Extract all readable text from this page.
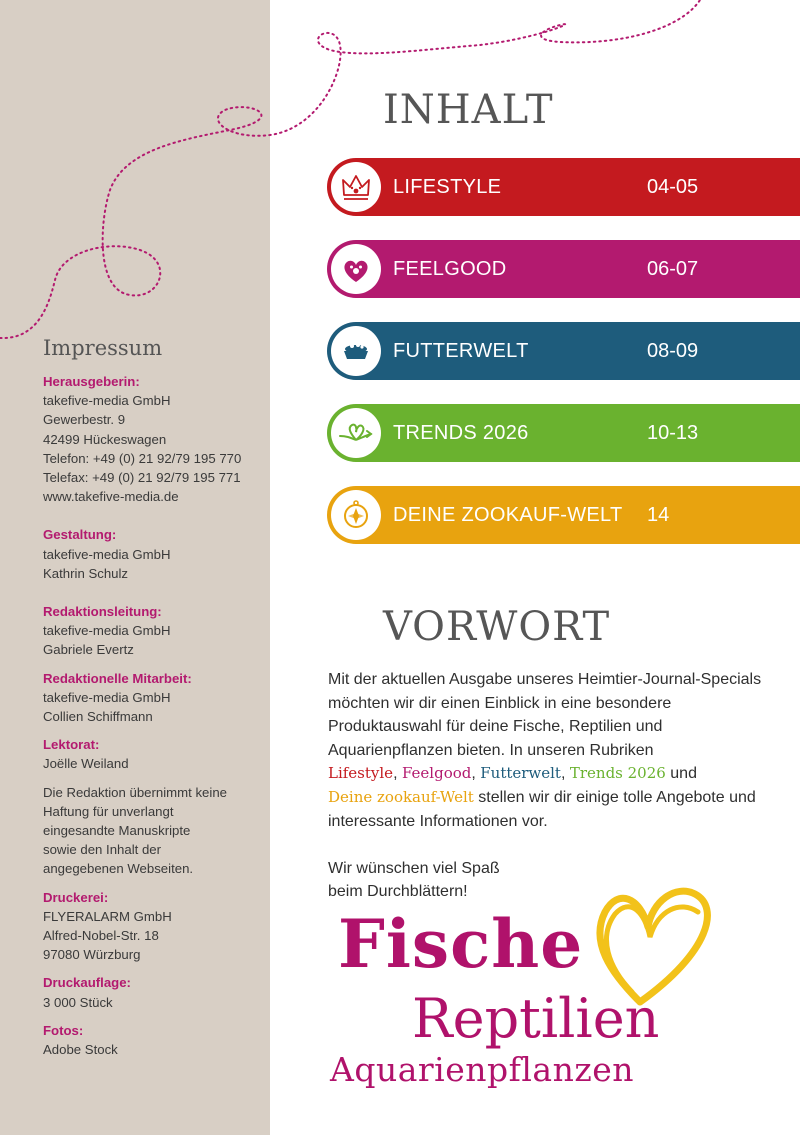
INHALT
LIFESTYLE	04-05
FEELGOOD	06-07
FUTTERWELT	08-09
TRENDS 2026	10-13
DEINE ZOOKAUF-WELT 14
VORWORT

Mit der aktuellen Ausgabe unseres Heimtier-Journal-Specials möchten wir dir einen Einblick in eine besondere Produktauswahl für deine Fische, Reptilien und Aquarienpflanzen bieten. In unseren Rubriken
Lifestyle, Feelgood, Futterwelt, Trends 2026 und
Deine zookauf-Welt stellen wir dir einige tolle Angebote und interessante Informationen vor.

Wir wünschen viel Spaß
beim Durchblättern!

Fische
Reptilien
Aquarienpflanzen
Impressum
Herausgeberin:
takefive-media GmbH
Gewerbestr. 9
42499 Hückeswagen
Telefon: +49 (0) 21 92/79 195 770
Telefax: +49 (0) 21 92/79 195 771
www.takefive-media.de
Gestaltung:
takefive-media GmbH
Kathrin Schulz
Redaktionsleitung:
takefive-media GmbH
Gabriele Evertz
Redaktionelle Mitarbeit:
takefive-media GmbH
Collien Schiffmann
Lektorat:
Joëlle Weiland
Die Redaktion übernimmt keine
Haftung für unverlangt
eingesandte Manuskripte
sowie den Inhalt der
angegebenen Webseiten.
Druckerei:
FLYERALARM GmbH
Alfred-Nobel-Str. 18
97080 Würzburg
Druckauflage:
3 000 Stück
Fotos:
Adobe Stock
